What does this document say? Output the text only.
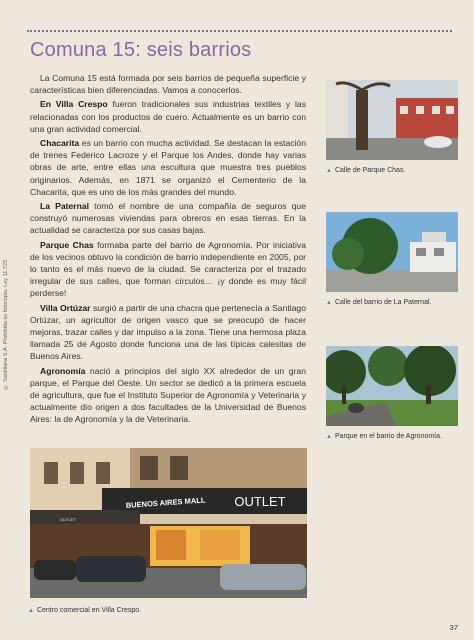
Comuna 15: seis barrios
© Santillana S.A. Prohibida su fotocopia. Ley 11.723

La Comuna 15 está formada por seis barrios de pequeña superficie y características bien diferenciadas. Vamos a conocerlos.

En Villa Crespo fueron tradicionales sus industrias textiles y las relacionadas con los productos de cuero. Actualmente es un barrio con una gran actividad comercial.

Chacarita es un barrio con mucha actividad. Se destacan la estación de trenes Federico Lacroze y el Parque los Andes, donde hay varias obras de arte, entre ellas una escultura que muestra tres pueblos originarios. Además, en 1871 se organizó el Cementerio de la Chacarita, que es uno de los más grandes del mundo.

La Paternal tomó el nombre de una compañía de seguros que construyó numerosas viviendas para obreros en esas tierras. En la actualidad se caracteriza por sus casas bajas.

Parque Chas formaba parte del barrio de Agronomía. Por iniciativa de los vecinos obtuvo la condición de barrio independiente en 2005, por lo tanto es el más nuevo de la ciudad. Se caracteriza por el trazado irregular de sus calles, que forman círculos… ¡y donde es muy fácil perderse!

Villa Ortúzar surgió a partir de una chacra que pertenecía a Santiago Ortúzar, un agricultor de origen vasco que se preocupó de hacer mejoras, trazar calles y dar impulso a la zona. Tiene una hermosa plaza llamada 25 de Agosto donde funciona una de las típicas calesitas de Buenos Aires.

Agronomía nació a principios del siglo XX alrededor de un gran parque, el Parque del Oeste. Un sector se dedicó a la primera escuela de agricultura, que fue el Instituto Superior de Agronomía y Veterinaria y actualmente dio origen a dos facultades de la Universidad de Buenos Aires: la de Agronomía y la de Veterinaria.

▲ Calle de Parque Chas.
▲ Calle del barrio de La Paternal.
▲ Parque en el barrio de Agronomía.
OUTLET
BUENOS AIRES MALL
OUTLET
▲ Centro comercial en Villa Crespo.
37
